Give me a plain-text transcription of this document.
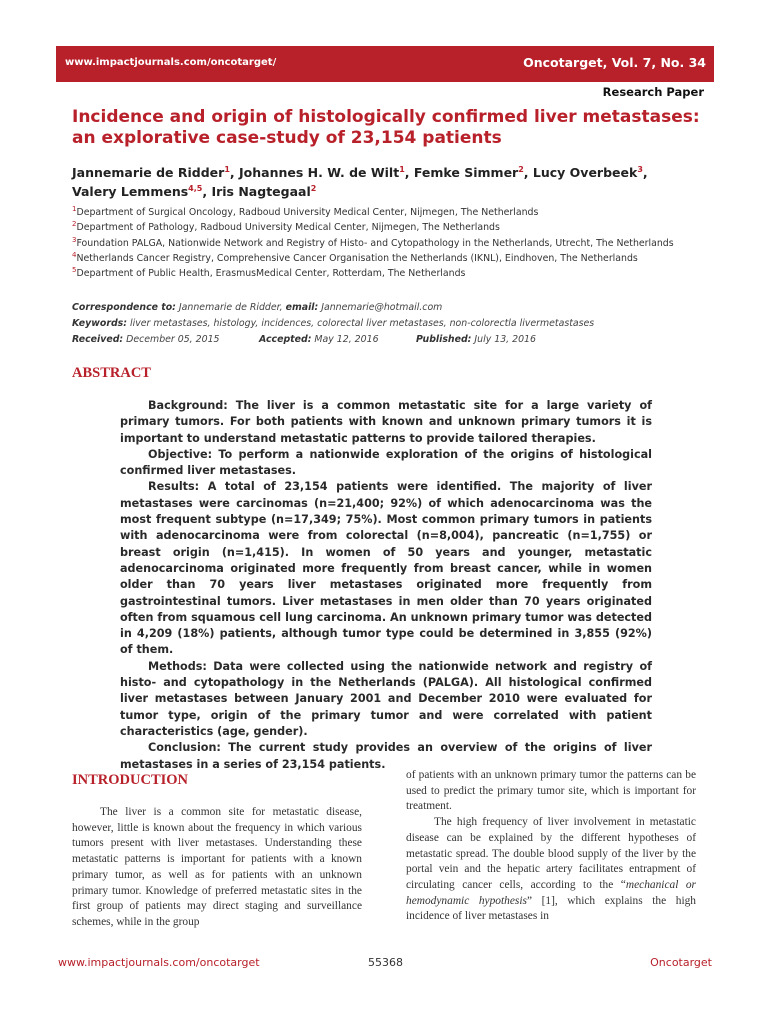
www.impactjournals.com/oncotarget/	Oncotarget, Vol. 7, No. 34
Research Paper
Incidence and origin of histologically confirmed liver metastases:
an explorative case-study of 23,154 patients
Jannemarie de Ridder$^1$, Johannes H. W. de Wilt$^1$, Femke Simmer$^2$, Lucy Overbeek$^3$,
Valery Lemmens$^{4,5}$, Iris Nagtegaal$^2$
$^1$Department of Surgical Oncology, Radboud University Medical Center, Nijmegen, The Netherlands
$^2$Department of Pathology, Radboud University Medical Center, Nijmegen, The Netherlands
$^3$Foundation PALGA, Nationwide Network and Registry of Histo- and Cytopathology in the Netherlands, Utrecht, The Netherlands
$^4$Netherlands Cancer Registry, Comprehensive Cancer Organisation the Netherlands (IKNL), Eindhoven, The Netherlands
$^5$Department of Public Health, ErasmusMedical Center, Rotterdam, The Netherlands
Correspondence to: Jannemarie de Ridder, email: Jannemarie@hotmail.com
Keywords: liver metastases, histology, incidences, colorectal liver metastases, non-colorectla livermetastases
Received: December 05, 2015	Accepted: May 12, 2016	Published: July 13, 2016
ABSTRACT

Background: The liver is a common metastatic site for a large variety of primary tumors. For both patients with known and unknown primary tumors it is important to understand metastatic patterns to provide tailored therapies.

Objective: To perform a nationwide exploration of the origins of histological confirmed liver metastases.

Results: A total of 23,154 patients were identified. The majority of liver metastases were carcinomas (n=21,400; 92%) of which adenocarcinoma was the most frequent subtype (n=17,349; 75%). Most common primary tumors in patients with adenocarcinoma were from colorectal (n=8,004), pancreatic (n=1,755) or breast origin (n=1,415). In women of 50 years and younger, metastatic adenocarcinoma originated more frequently from breast cancer, while in women older than 70 years liver metastases originated more frequently from gastrointestinal tumors. Liver metastases in men older than 70 years originated often from squamous cell lung carcinoma. An unknown primary tumor was detected in 4,209 (18%) patients, although tumor type could be determined in 3,855 (92%) of them.

Methods: Data were collected using the nationwide network and registry of histo- and cytopathology in the Netherlands (PALGA). All histological confirmed liver metastases between January 2001 and December 2010 were evaluated for tumor type, origin of the primary tumor and were correlated with patient characteristics (age, gender).

Conclusion: The current study provides an overview of the origins of liver metastases in a series of 23,154 patients.

INTRODUCTION

The liver is a common site for metastatic disease, however, little is known about the frequency in which various tumors present with liver metastases. Understanding these metastatic patterns is important for patients with a known primary tumor, as well as for patients with an unknown primary tumor. Knowledge of preferred metastatic sites in the first group of patients may direct staging and surveillance schemes, while in the group

of patients with an unknown primary tumor the patterns can be used to predict the primary tumor site, which is important for treatment.

The high frequency of liver involvement in metastatic disease can be explained by the different hypotheses of metastatic spread. The double blood supply of the liver by the portal vein and the hepatic artery facilitates entrapment of circulating cancer cells, according to the “mechanical or hemodynamic hypothesis” [1], which explains the high incidence of liver metastases in

www.impactjournals.com/oncotarget	55368	Oncotarget
